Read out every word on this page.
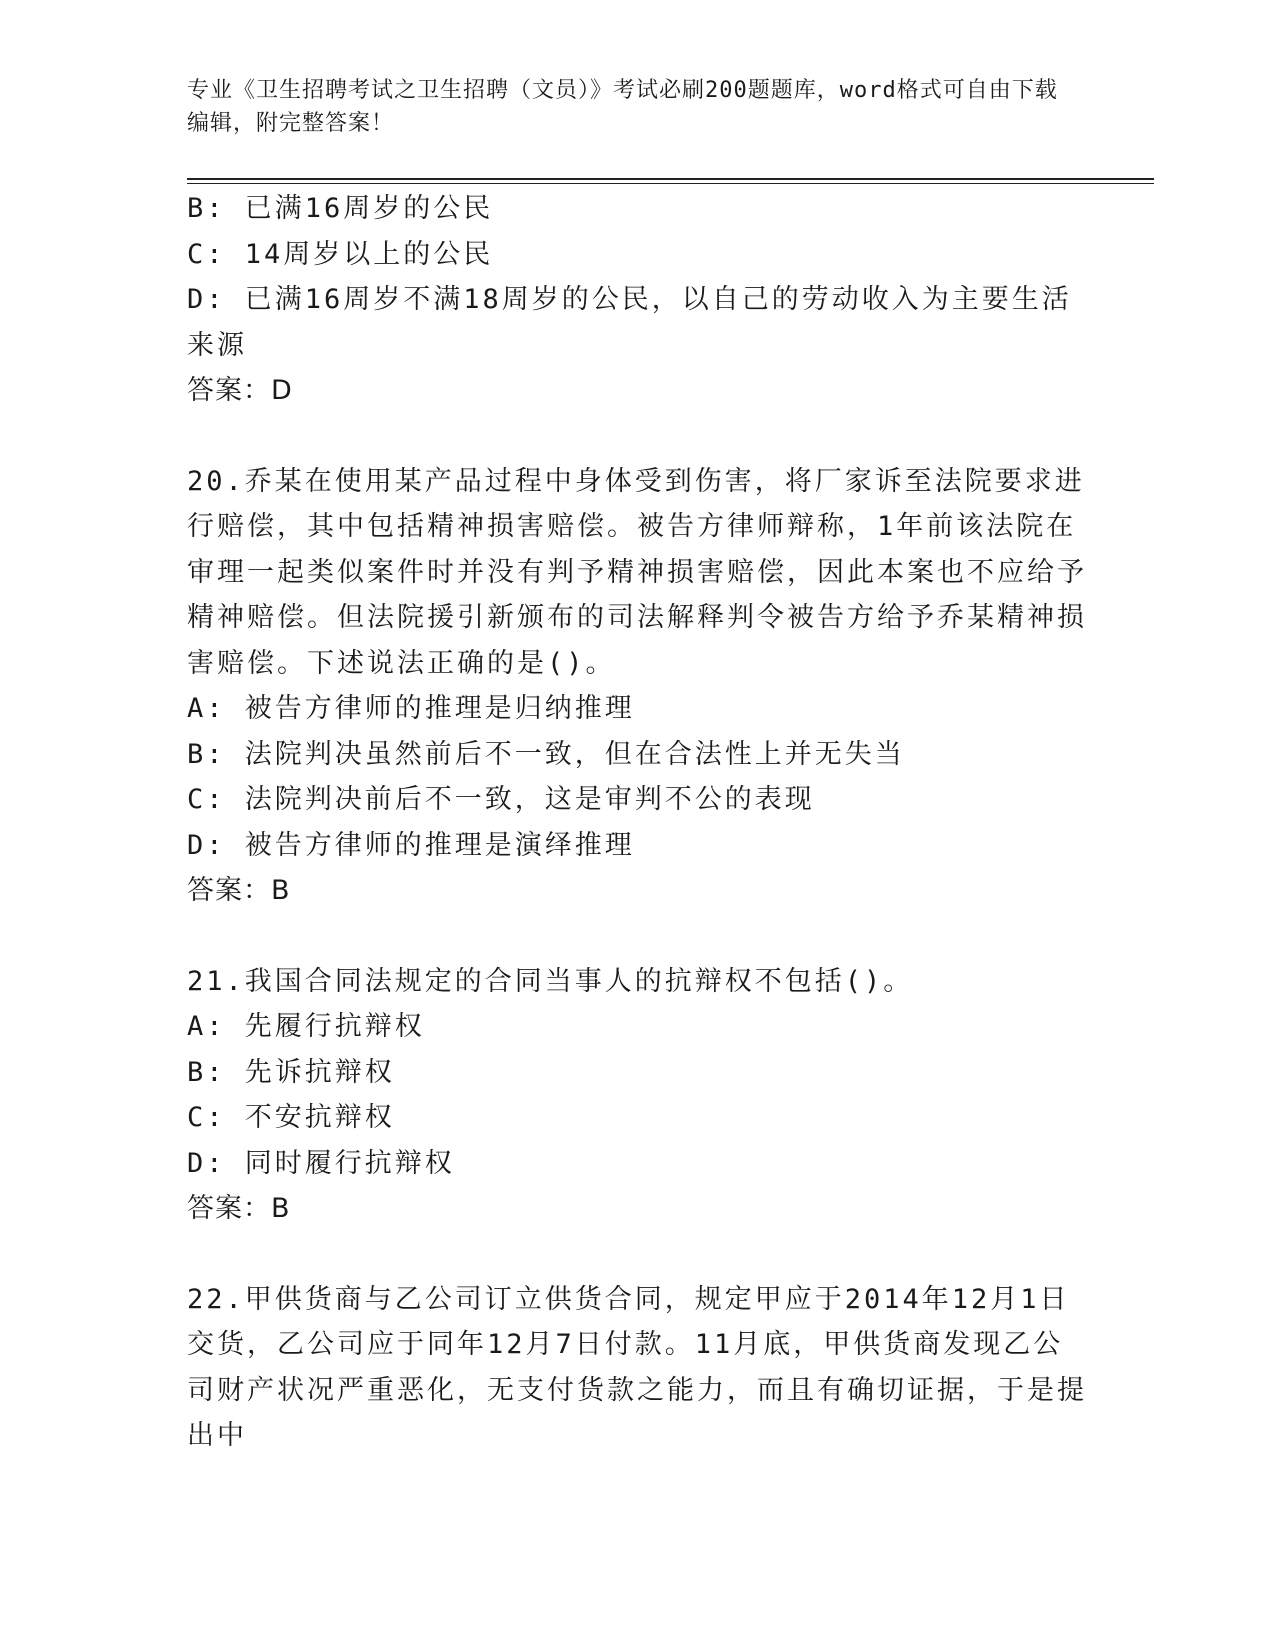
专业《卫生招聘考试之卫生招聘（文员）》考试必刷200题题库，word格式可自由下载编辑，附完整答案！

B: 已满16周岁的公民

C: 14周岁以上的公民

D: 已满16周岁不满18周岁的公民，以自己的劳动收入为主要生活来源

答案：D

20.乔某在使用某产品过程中身体受到伤害，将厂家诉至法院要求进行赔偿，其中包括精神损害赔偿。被告方律师辩称，1年前该法院在审理一起类似案件时并没有判予精神损害赔偿，因此本案也不应给予精神赔偿。但法院援引新颁布的司法解释判令被告方给予乔某精神损害赔偿。下述说法正确的是()。

A: 被告方律师的推理是归纳推理

B: 法院判决虽然前后不一致，但在合法性上并无失当

C: 法院判决前后不一致，这是审判不公的表现

D: 被告方律师的推理是演绎推理

答案：B

21.我国合同法规定的合同当事人的抗辩权不包括()。

A: 先履行抗辩权

B: 先诉抗辩权

C: 不安抗辩权

D: 同时履行抗辩权

答案：B

22.甲供货商与乙公司订立供货合同，规定甲应于2014年12月1日交货，乙公司应于同年12月7日付款。11月底，甲供货商发现乙公司财产状况严重恶化，无支付货款之能力，而且有确切证据，于是提出中
